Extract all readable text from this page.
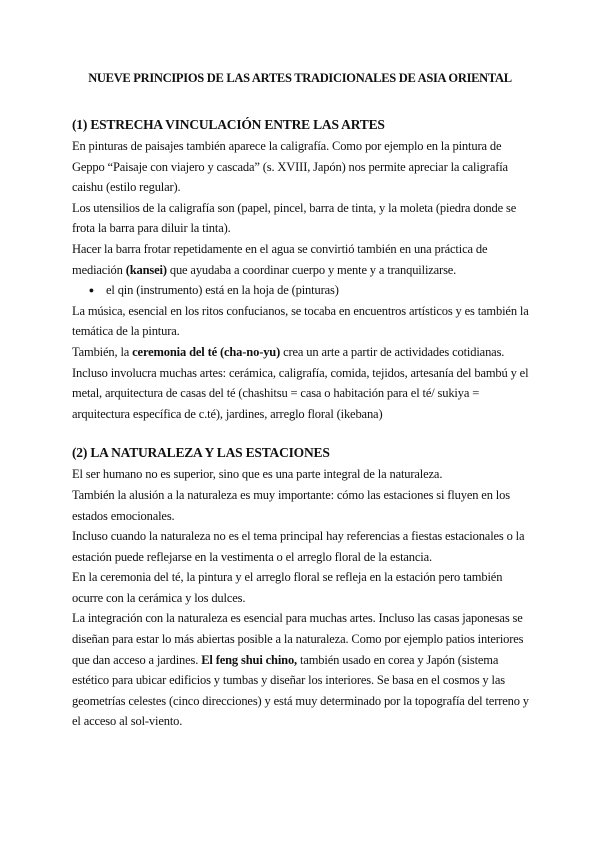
NUEVE PRINCIPIOS DE LAS ARTES TRADICIONALES DE ASIA ORIENTAL
(1) ESTRECHA VINCULACIÓN ENTRE LAS ARTES

En pinturas de paisajes también aparece la caligrafía. Como por ejemplo en la pintura de Geppo “Paisaje con viajero y cascada” (s. XVIII, Japón) nos permite apreciar la caligrafía caishu (estilo regular).

Los utensilios de la caligrafía son (papel, pincel, barra de tinta, y la moleta (piedra donde se frota la barra para diluir la tinta).

Hacer la barra frotar repetidamente en el agua se convirtió también en una práctica de mediación (kansei) que ayudaba a coordinar cuerpo y mente y a tranquilizarse.

● el qin (instrumento) está en la hoja de (pinturas)

La música, esencial en los ritos confucianos, se tocaba en encuentros artísticos y es también la temática de la pintura.

También, la ceremonia del té (cha-no-yu) crea un arte a partir de actividades cotidianas.

Incluso involucra muchas artes: cerámica, caligrafía, comida, tejidos, artesanía del bambú y el metal, arquitectura de casas del té (chashitsu = casa o habitación para el té/ sukiya = arquitectura específica de c.té), jardines, arreglo floral (ikebana)

(2) LA NATURALEZA Y LAS ESTACIONES

El ser humano no es superior, sino que es una parte integral de la naturaleza.

También la alusión a la naturaleza es muy importante: cómo las estaciones si fluyen en los estados emocionales.

Incluso cuando la naturaleza no es el tema principal hay referencias a fiestas estacionales o la estación puede reflejarse en la vestimenta o el arreglo floral de la estancia.

En la ceremonia del té, la pintura y el arreglo floral se refleja en la estación pero también ocurre con la cerámica y los dulces.

La integración con la naturaleza es esencial para muchas artes. Incluso las casas japonesas se diseñan para estar lo más abiertas posible a la naturaleza. Como por ejemplo patios interiores que dan acceso a jardines. El feng shui chino, también usado en corea y Japón (sistema estético para ubicar edificios y tumbas y diseñar los interiores. Se basa en el cosmos y las geometrías celestes (cinco direcciones) y está muy determinado por la topografía del terreno y el acceso al sol-viento.
